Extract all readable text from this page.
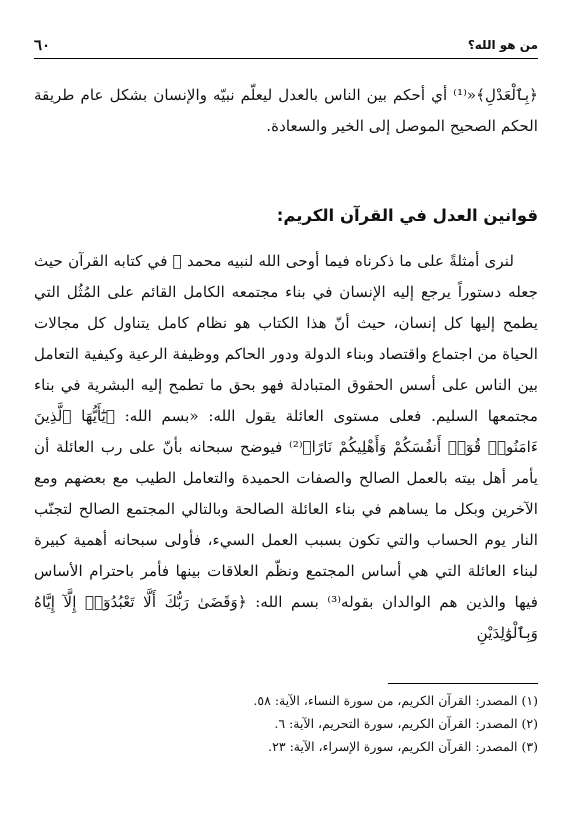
من هو الله؟
٦٠
﴿بِٱلْعَدْلِ﴾«⁽¹⁾ أي أحكم بين الناس بالعدل ليعلّم نبيّه والإنسان بشكل عام طريقة الحكم الصحيح الموصل إلى الخير والسعادة.
قوانين العدل في القرآن الكريم:
لنرى أمثلةً على ما ذكرناه فيما أوحى الله لنبيه محمد ﷺ في كتابه القرآن حيث جعله دستوراً يرجع إليه الإنسان في بناء مجتمعه الكامل القائم على المُثُل التي يطمح إليها كل إنسان، حيث أنّ هذا الكتاب هو نظام كامل يتناول كل مجالات الحياة من اجتماع واقتصاد وبناء الدولة ودور الحاكم ووظيفة الرعية وكيفية التعامل بين الناس على أسس الحقوق المتبادلة فهو بحق ما تطمح إليه البشرية في بناء مجتمعها السليم. فعلى مستوى العائلة يقول الله: «بسم الله: ﴿يَٰٓأَيُّهَا ٱلَّذِينَ ءَامَنُوا۟ قُوٓا۟ أَنفُسَكُمْ وَأَهْلِيكُمْ نَارًا﴾⁽²⁾ فيوضح سبحانه بأنّ على رب العائلة أن يأمر أهل بيته بالعمل الصالح والصفات الحميدة والتعامل الطيب مع بعضهم ومع الآخرين وبكل ما يساهم في بناء العائلة الصالحة وبالتالي المجتمع الصالح لتجنّب النار يوم الحساب والتي تكون بسبب العمل السيء، فأولى سبحانه أهمية كبيرة لبناء العائلة التي هي أساس المجتمع ونظّم العلاقات بينها فأمر باحترام الأساس فيها والذين هم الوالدان بقوله⁽³⁾ بسم الله: ﴿وَقَضَىٰ رَبُّكَ أَلَّا تَعْبُدُوٓا۟ إِلَّآ إِيَّاهُ وَبِٱلْوَٰلِدَيْنِ
(١) المصدر: القرآن الكريم، من سورة النساء، الآية: ٥٨.
(٢) المصدر: القرآن الكريم، سورة التحريم، الآية: ٦.
(٣) المصدر: القرآن الكريم، سورة الإسراء، الآية: ٢٣.
